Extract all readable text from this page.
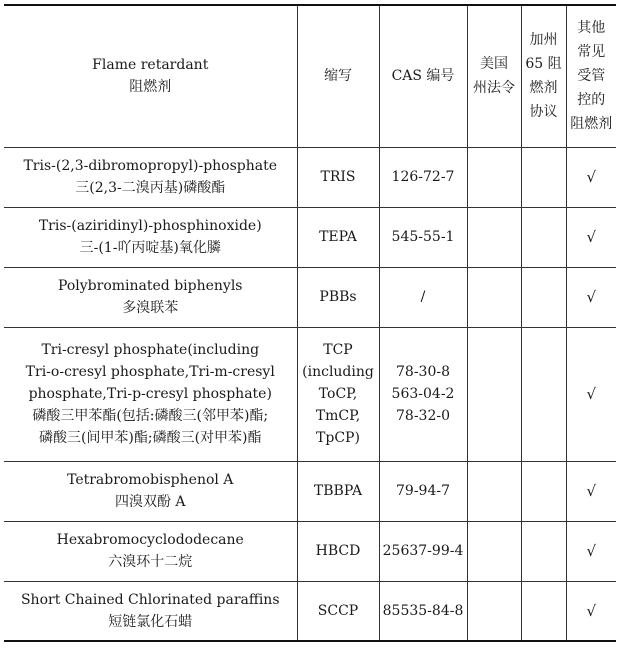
Flame retardant
阻燃剂	缩写	CAS 编号	美国
州法令	加州
65 阻
燃剂
协议	其他
常见
受管
控的
阻燃剂

Tris-(2,3-dibromopropyl)-phosphate
三(2,3-二溴丙基)磷酸酯	TRIS	126-72-7			√

Tris-(aziridinyl)-phosphinoxide)
三-(1-吖丙啶基)氧化膦	TEPA	545-55-1			√

Polybrominated biphenyls
多溴联苯	PBBs	/			√

Tri-cresyl phosphate(including
Tri-o-cresyl phosphate,Tri-m-cresyl
phosphate,Tri-p-cresyl phosphate)
磷酸三甲苯酯(包括:磷酸三(邻甲苯)酯;
磷酸三(间甲苯)酯;磷酸三(对甲苯)酯	TCP
(including
ToCP,
TmCP,
TpCP)	78-30-8
563-04-2
78-32-0			√

Tetrabromobisphenol A
四溴双酚 A	TBBPA	79-94-7			√

Hexabromocyclododecane
六溴环十二烷	HBCD	25637-99-4			√

Short Chained Chlorinated paraffins
短链氯化石蜡	SCCP	85535-84-8			√
